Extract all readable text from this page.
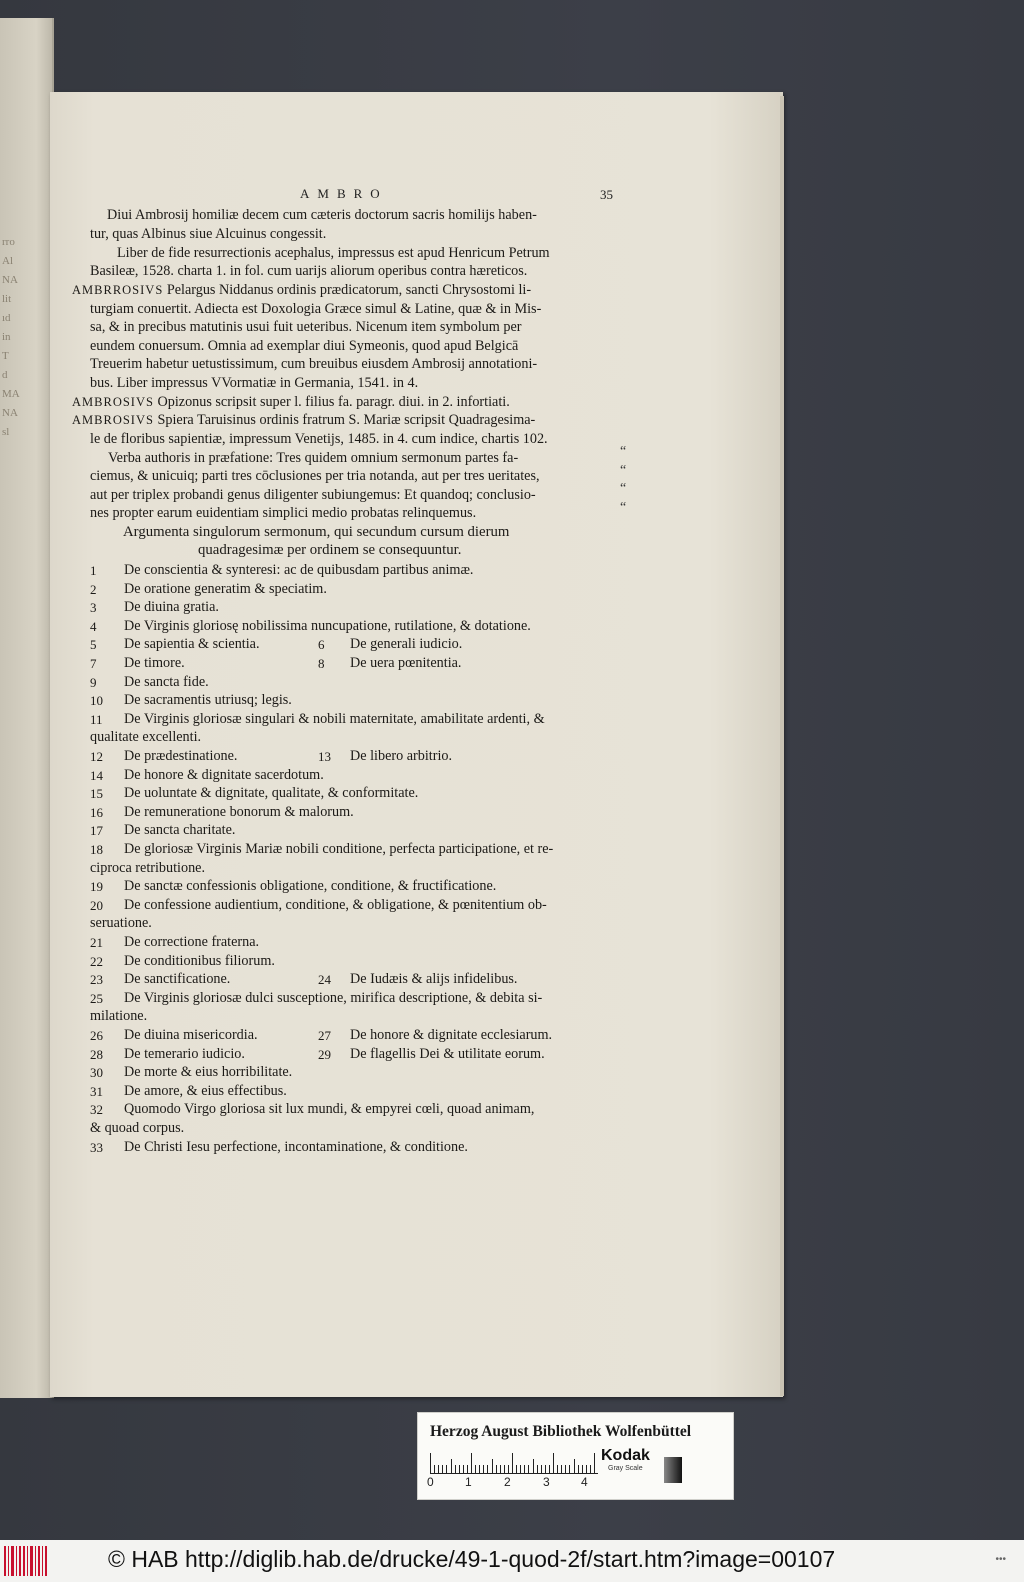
rro
Al
NA
lit
ıd
in
T
d
MA
NA
sl
AMBRO	35
Diui Ambrosij homiliæ decem cum cæteris doctorum sacris homilijs haben-
tur, quas Albinus siue Alcuinus congessit.
Liber de fide resurrectionis acephalus, impressus est apud Henricum Petrum
Basileæ, 1528. charta 1. in fol. cum uarijs aliorum operibus contra hæreticos.
AMBRROSIVS Pelargus Niddanus ordinis prædicatorum, sancti Chrysostomi li-
turgiam conuertit. Adiecta est Doxologia Græce simul & Latine, quæ & in Mis-
sa, & in precibus matutinis usui fuit ueteribus. Nicenum item symbolum per
eundem conuersum. Omnia ad exemplar diui Symeonis, quod apud Belgicā
Treuerim habetur uetustissimum, cum breuibus eiusdem Ambrosij annotationi-
bus. Liber impressus VVormatiæ in Germania, 1541. in 4.
AMBROSIVS Opizonus scripsit super l. filius fa. paragr. diui. in 2. infortiati.
AMBROSIVS Spiera Taruisinus ordinis fratrum S. Mariæ scripsit Quadragesima-
le de floribus sapientiæ, impressum Venetijs, 1485. in 4. cum indice, chartis 102.
Verba authoris in præfatione: Tres quidem omnium sermonum partes fa-
ciemus, & unicuiq; parti tres cōclusiones per tria notanda, aut per tres ueritates,
aut per triplex probandi genus diligenter subiungemus: Et quandoq; conclusio-
nes propter earum euidentiam simplici medio probatas relinquemus.
“
“
“
“
Argumenta singulorum sermonum, qui secundum cursum dierum
quadragesimæ per ordinem se consequuntur.
1 De conscientia & synteresi: ac de quibusdam partibus animæ.
2 De oratione generatim & speciatim.
3 De diuina gratia.
4 De Virginis gloriosę nobilissima nuncupatione, rutilatione, & dotatione.
5 De sapientia & scientia.	6 De generali iudicio.
7 De timore.	8 De uera pœnitentia.
9 De sancta fide.
10 De sacramentis utriusq; legis.
11 De Virginis gloriosæ singulari & nobili maternitate, amabilitate ardenti, &
qualitate excellenti.
12 De prædestinatione.	13 De libero arbitrio.
14 De honore & dignitate sacerdotum.
15 De uoluntate & dignitate, qualitate, & conformitate.
16 De remuneratione bonorum & malorum.
17 De sancta charitate.
18 De gloriosæ Virginis Mariæ nobili conditione, perfecta participatione, et re-
ciproca retributione.
19 De sanctæ confessionis obligatione, conditione, & fructificatione.
20 De confessione audientium, conditione, & obligatione, & pœnitentium ob-
seruatione.
21 De correctione fraterna.
22 De conditionibus filiorum.
23 De sanctificatione.	24 De Iudæis & alijs infidelibus.
25 De Virginis gloriosæ dulci susceptione, mirifica descriptione, & debita si-
milatione.
26 De diuina misericordia.	27 De honore & dignitate ecclesiarum.
28 De temerario iudicio.	29 De flagellis Dei & utilitate eorum.
30 De morte & eius horribilitate.
31 De amore, & eius effectibus.
32 Quomodo Virgo gloriosa sit lux mundi, & empyrei cœli, quoad animam,
& quoad corpus.
33 De Christi Iesu perfectione, incontaminatione, & conditione.
Herzog August Bibliothek Wolfenbüttel
0	1	2	3	4
Kodak
Gray Scale
© HAB http://diglib.hab.de/drucke/49-1-quod-2f/start.htm?image=00107	•••
